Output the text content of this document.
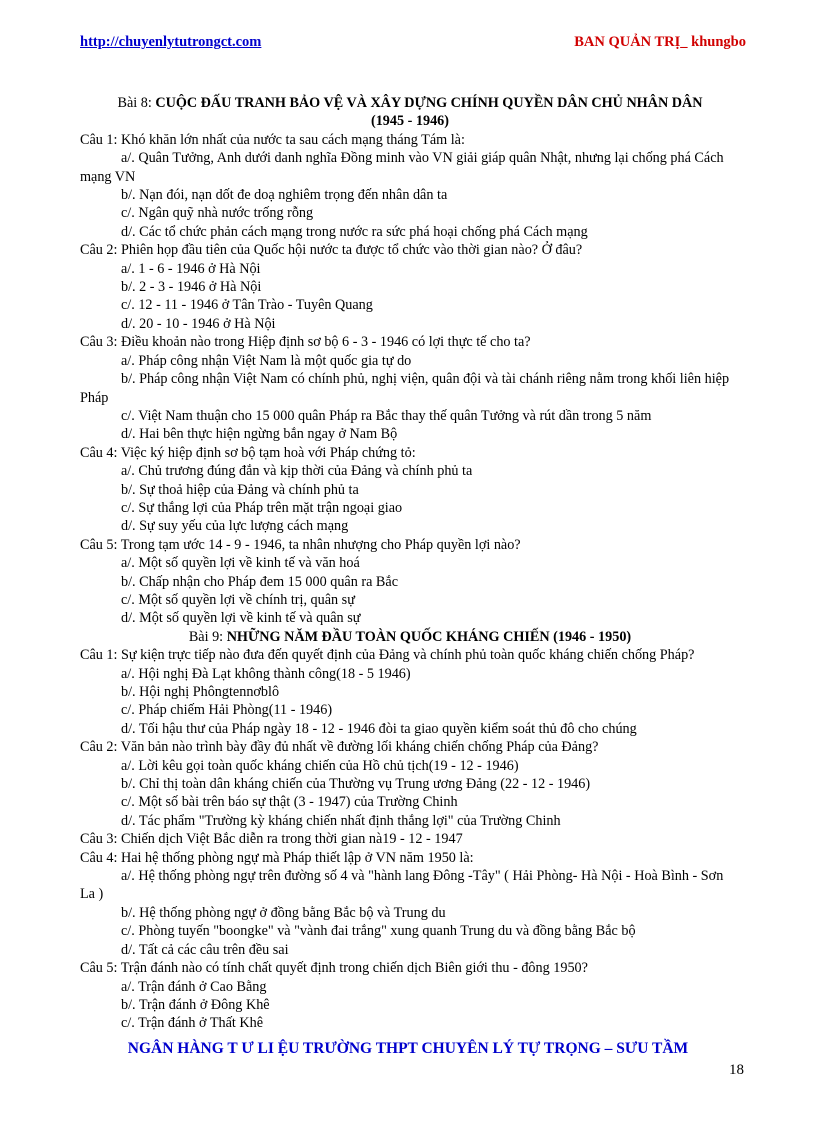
http://chuyenlytutrongct.com	BAN QUẢN TRỊ_ khungbo
Bài 8: CUỘC ĐẤU TRANH BẢO VỆ VÀ XÂY DỰNG CHÍNH QUYỀN DÂN CHỦ NHÂN DÂN
(1945 - 1946)

Câu 1: Khó khăn lớn nhất của nước ta sau cách mạng tháng Tám là:

a/. Quân Tưởng, Anh dưới danh nghĩa Đồng minh vào VN giải giáp quân Nhật, nhưng lại chống phá Cách mạng VN

b/. Nạn đói, nạn dốt đe doạ nghiêm trọng đến nhân dân ta

c/. Ngân quỹ nhà nước trống rỗng

d/. Các tổ chức phản cách mạng trong nước ra sức phá hoại chống phá Cách mạng

Câu 2: Phiên họp đầu tiên của Quốc hội nước ta được tổ chức vào thời gian nào? Ở đâu?

a/. 1 - 6 - 1946 ở Hà Nội

b/. 2 - 3 - 1946 ở Hà Nội

c/. 12 - 11 - 1946 ở Tân Trào - Tuyên Quang

d/. 20 - 10 - 1946 ở Hà Nội

Câu 3: Điều khoản nào trong Hiệp định sơ bộ 6 - 3 - 1946 có lợi thực tế cho ta?

a/. Pháp công nhận Việt Nam là một quốc gia tự do

b/. Pháp công nhận Việt Nam có chính phủ, nghị viện, quân đội và tài chánh riêng nằm trong khối liên hiệp Pháp

c/. Việt Nam thuận cho 15 000 quân Pháp ra Bắc thay thế quân Tưởng và rút dần trong 5 năm

d/. Hai bên thực hiện ngừng bắn ngay ở Nam Bộ

Câu 4: Việc ký hiệp định sơ bộ tạm hoà với Pháp chứng tỏ:

a/. Chủ trương đúng đắn và kịp thời của Đảng và chính phủ ta

b/. Sự thoả hiệp của Đảng và chính phủ ta

c/. Sự thắng lợi của Pháp trên mặt trận ngoại giao

d/. Sự suy yếu của lực lượng cách mạng

Câu 5: Trong tạm ước 14 - 9 - 1946, ta nhân nhượng cho Pháp quyền lợi nào?

a/. Một số quyền lợi về kinh tế và văn hoá

b/. Chấp nhận cho Pháp đem 15 000 quân ra Bắc

c/. Một số quyền lợi về chính trị, quân sự

d/. Một số quyền lợi về kinh tế và quân sự

Bài 9: NHỮNG NĂM ĐẦU TOÀN QUỐC KHÁNG CHIẾN (1946 - 1950)

Câu 1: Sự kiện trực tiếp nào đưa đến quyết định của Đảng và chính phủ toàn quốc kháng chiến chống Pháp?

a/. Hội nghị Đà Lạt không thành công(18 - 5 1946)

b/. Hội nghị Phôngtennơblô

c/. Pháp chiếm Hải Phòng(11 - 1946)

d/. Tối hậu thư của Pháp ngày 18 - 12 - 1946 đòi ta giao quyền kiểm soát thủ đô cho chúng

Câu 2: Văn bản nào trình bày đầy đủ nhất về đường lối kháng chiến chống Pháp của Đảng?

a/. Lời kêu gọi toàn quốc kháng chiến của Hồ chủ tịch(19 - 12 - 1946)

b/. Chỉ thị toàn dân kháng chiến của Thường vụ Trung ương Đảng (22 - 12 - 1946)

c/. Một số bài trên báo sự thật (3 - 1947) của Trường Chinh

d/. Tác phẩm "Trường kỳ kháng chiến nhất định thắng lợi" của Trường Chinh

Câu 3: Chiến dịch Việt Bắc diễn ra trong thời gian nà19 - 12 - 1947

Câu 4: Hai hệ thống phòng ngự mà Pháp thiết lập ở VN năm 1950 là:

a/. Hệ thống phòng ngự trên đường số 4 và "hành lang Đông -Tây" ( Hải Phòng- Hà Nội - Hoà Bình - Sơn La )

b/. Hệ thống phòng ngự ở đồng bằng Bắc bộ và Trung du

c/. Phòng tuyến "boongke" và "vành đai trắng" xung quanh Trung du và đồng bằng Bắc bộ

d/. Tất cả các câu trên đều sai

Câu 5: Trận đánh nào có tính chất quyết định trong chiến dịch Biên giới thu - đông 1950?

a/. Trận đánh ở Cao Bằng

b/. Trận đánh ở Đông Khê

c/. Trận đánh ở Thất Khê

NGÂN HÀNG T Ư LI ỆU TRƯỜNG THPT CHUYÊN LÝ TỰ TRỌNG – SƯU TẦM
18
